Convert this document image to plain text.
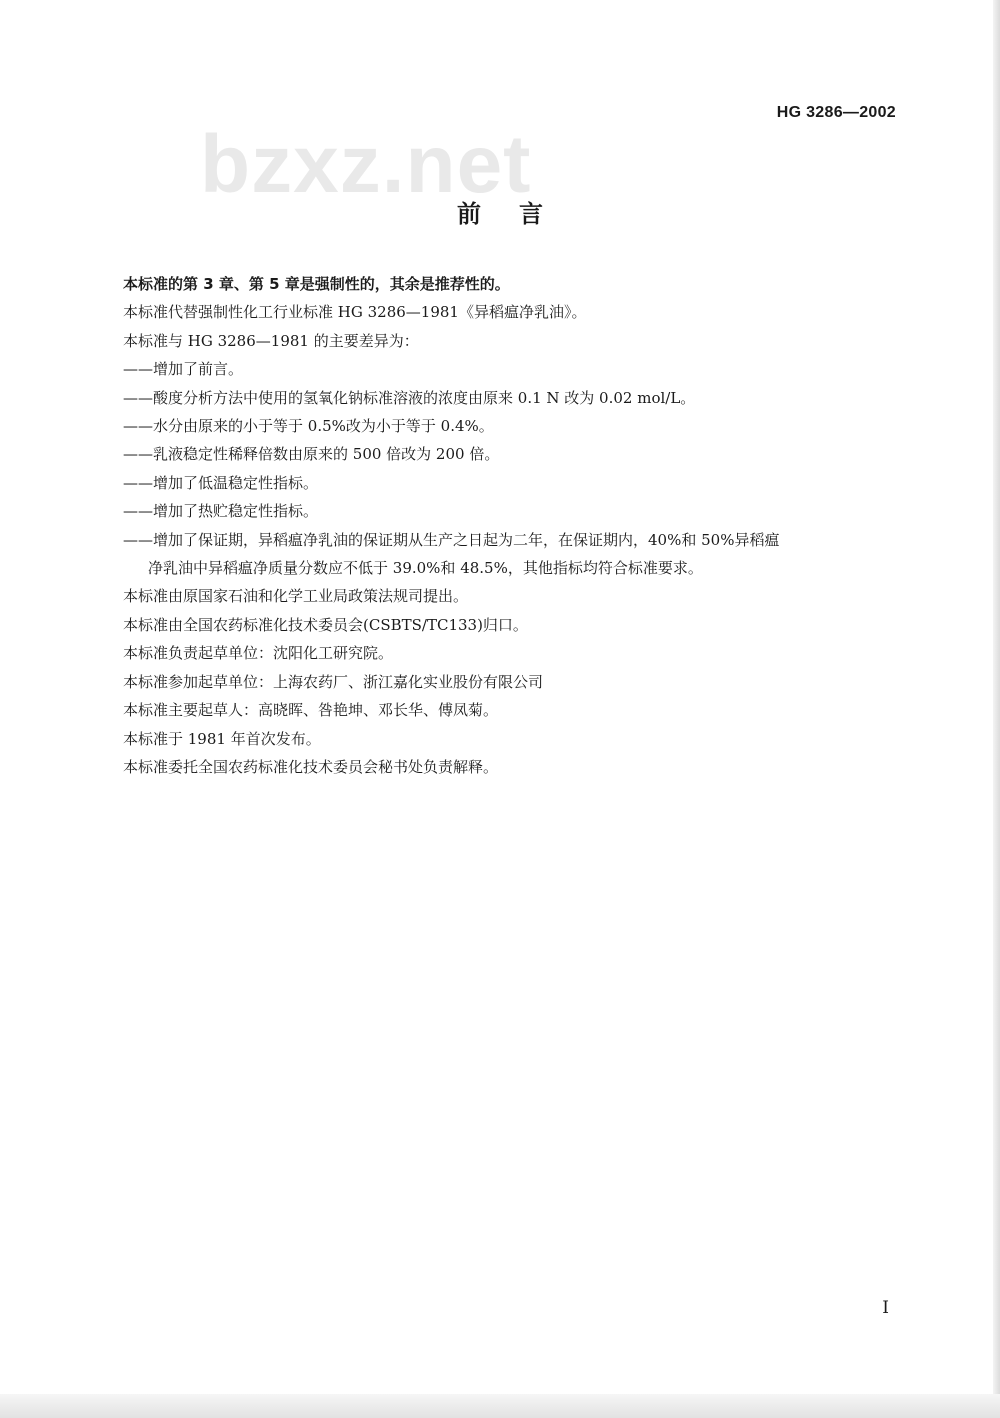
HG 3286—2002
bzxz.net
前言
本标准的第 3 章、第 5 章是强制性的，其余是推荐性的。
本标准代替强制性化工行业标准 HG 3286—1981《异稻瘟净乳油》。
本标准与 HG 3286—1981 的主要差异为：
——增加了前言。
——酸度分析方法中使用的氢氧化钠标准溶液的浓度由原来 0.1 N 改为 0.02 mol/L。
——水分由原来的小于等于 0.5%改为小于等于 0.4%。
——乳液稳定性稀释倍数由原来的 500 倍改为 200 倍。
——增加了低温稳定性指标。
——增加了热贮稳定性指标。
——增加了保证期，异稻瘟净乳油的保证期从生产之日起为二年，在保证期内，40%和 50%异稻瘟
净乳油中异稻瘟净质量分数应不低于 39.0%和 48.5%，其他指标均符合标准要求。
本标准由原国家石油和化学工业局政策法规司提出。
本标准由全国农药标准化技术委员会(CSBTS/TC133)归口。
本标准负责起草单位：沈阳化工研究院。
本标准参加起草单位：上海农药厂、浙江嘉化实业股份有限公司
本标准主要起草人：高晓晖、咎艳坤、邓长华、傅凤菊。
本标准于 1981 年首次发布。
本标准委托全国农药标准化技术委员会秘书处负责解释。
I
